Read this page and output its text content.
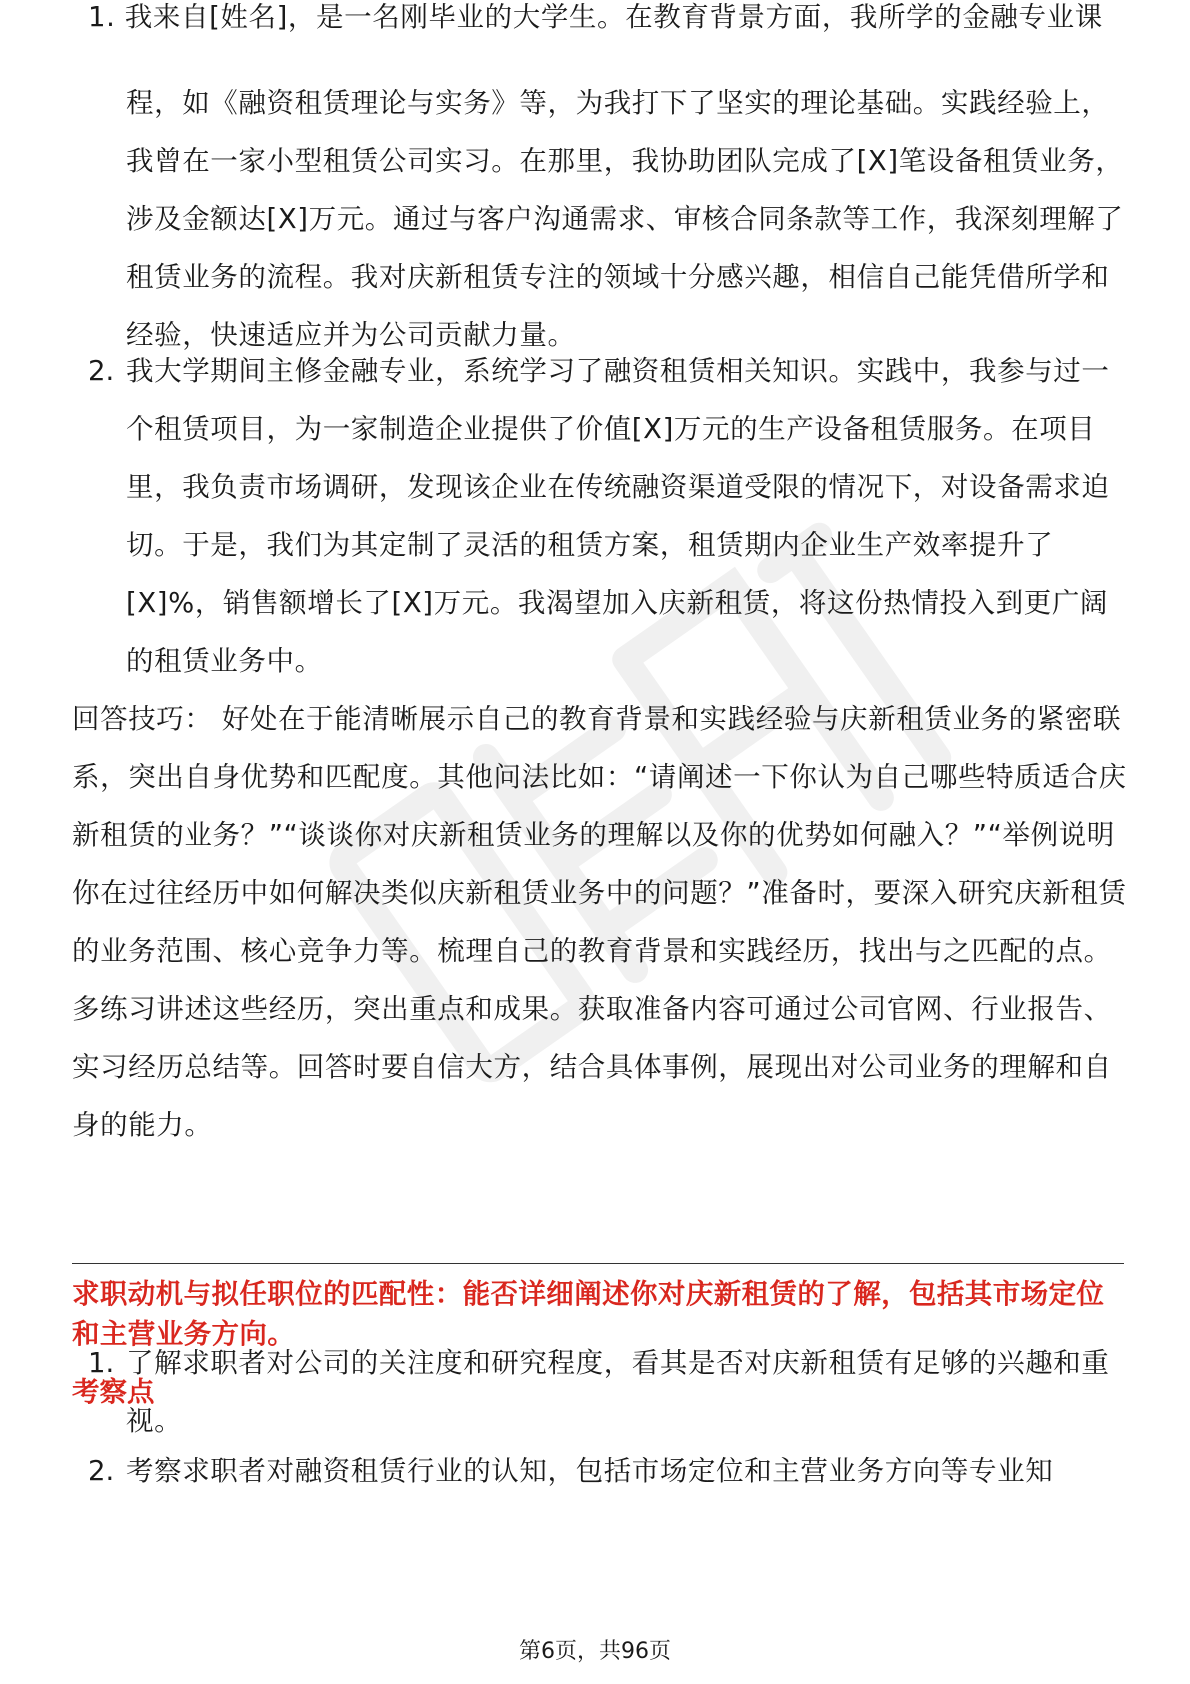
1. 我来自[姓名]，是一名刚毕业的大学生。在教育背景方面，我所学的金融专业课
程，如《融资租赁理论与实务》等，为我打下了坚实的理论基础。实践经验上，我曾在一家小型租赁公司实习。在那里，我协助团队完成了[X]笔设备租赁业务，涉及金额达[X]万元。通过与客户沟通需求、审核合同条款等工作，我深刻理解了租赁业务的流程。我对庆新租赁专注的领域十分感兴趣，相信自己能凭借所学和经验，快速适应并为公司贡献力量。
2. 我大学期间主修金融专业，系统学习了融资租赁相关知识。实践中，我参与过一个租赁项目，为一家制造企业提供了价值[X]万元的生产设备租赁服务。在项目里，我负责市场调研，发现该企业在传统融资渠道受限的情况下，对设备需求迫切。于是，我们为其定制了灵活的租赁方案，租赁期内企业生产效率提升了[X]%，销售额增长了[X]万元。我渴望加入庆新租赁，将这份热情投入到更广阔的租赁业务中。
回答技巧： 好处在于能清晰展示自己的教育背景和实践经验与庆新租赁业务的紧密联系，突出自身优势和匹配度。其他问法比如：“请阐述一下你认为自己哪些特质适合庆新租赁的业务？”“谈谈你对庆新租赁业务的理解以及你的优势如何融入？”“举例说明你在过往经历中如何解决类似庆新租赁业务中的问题？”准备时，要深入研究庆新租赁的业务范围、核心竞争力等。梳理自己的教育背景和实践经历，找出与之匹配的点。多练习讲述这些经历，突出重点和成果。获取准备内容可通过公司官网、行业报告、实习经历总结等。回答时要自信大方，结合具体事例，展现出对公司业务的理解和自身的能力。
求职动机与拟任职位的匹配性：能否详细阐述你对庆新租赁的了解，包括其市场定位和主营业务方向。
考察点
1. 了解求职者对公司的关注度和研究程度，看其是否对庆新租赁有足够的兴趣和重视。
2. 考察求职者对融资租赁行业的认知，包括市场定位和主营业务方向等专业知
第6页，共96页
